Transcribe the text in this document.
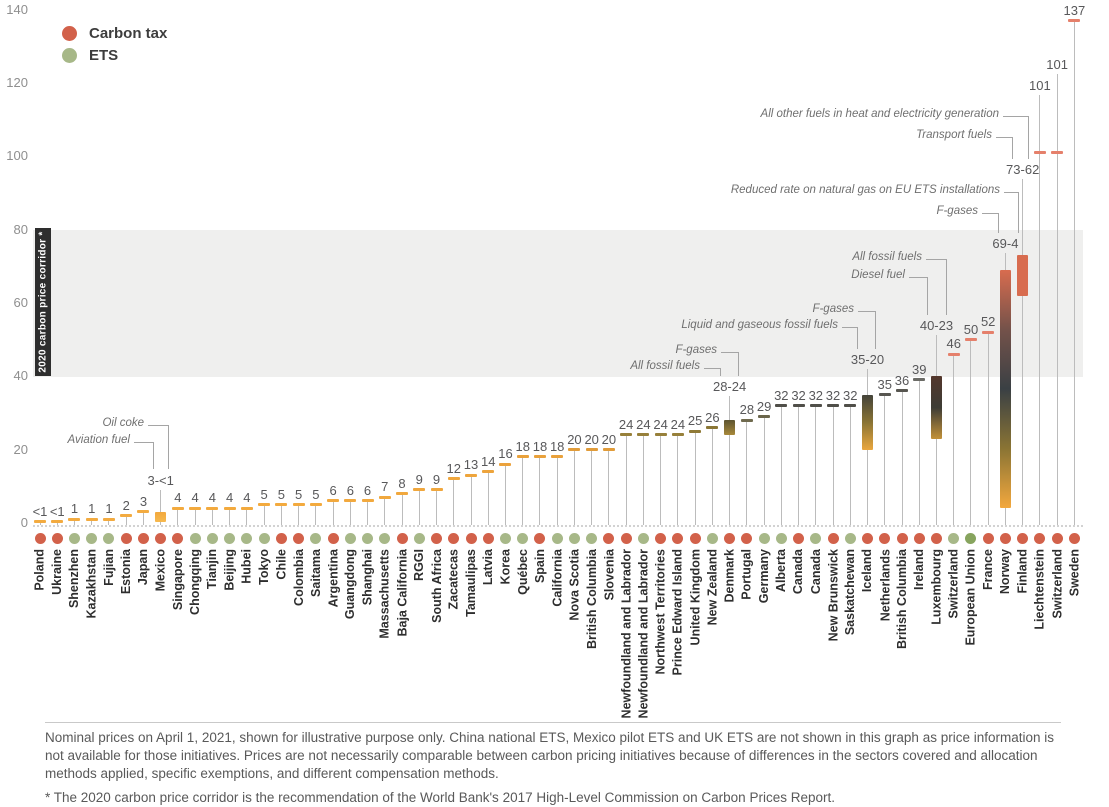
2020 carbon price corridor *
0
20
40
60
80
100
120
140
<1
Poland
<1
Ukraine
1
Shenzhen
1
Kazakhstan
1
Fujian
2
Estonia
3
Japan
3-<1
Mexico
4
Singapore
4
Chongqing
4
Tianjin
4
Beijing
4
Hubei
5
Tokyo
5
Chile
5
Colombia
5
Saitama
6
Argentina
6
Guangdong
6
Shanghai
7
Massachusetts
8
Baja California
9
RGGI
9
South Africa
12
Zacatecas
13
Tamaulipas
14
Latvia
16
Korea
18
Québec
18
Spain
18
California
20
Nova Scotia
20
British Columbia
20
Slovenia
24
Newfoundland and Labrador
24
Newfoundland and Labrador
24
Northwest Territories
24
Prince Edward Island
25
United Kingdom
26
New Zealand
28-24
Denmark
28
Portugal
29
Germany
32
Alberta
32
Canada
32
Canada
32
New Brunswick
32
Saskatchewan
35-20
Iceland
35
Netherlands
36
British Columbia
39
Ireland
40-23
Luxembourg
46
Switzerland
50
European Union
52
France
69-4
Norway
73-62
Finland
101
Liechtenstein
101
Switzerland
137
Sweden
Aviation fuel
Oil coke
All fossil fuels
F-gases
Liquid and gaseous fossil fuels
F-gases
Diesel fuel
All fossil fuels
F-gases
Reduced rate on natural gas on EU ETS installations
Transport fuels
All other fuels in heat and electricity generation
Carbon tax
ETS

Nominal prices on April 1, 2021, shown for illustrative purpose only. China national ETS, Mexico pilot ETS and UK ETS are not shown in this graph as price information is not available for those initiatives. Prices are not necessarily comparable between carbon pricing initiatives because of differences in the sectors covered and allocation methods applied, specific exemptions, and different compensation methods.

* The 2020 carbon price corridor is the recommendation of the World Bank's 2017 High-Level Commission on Carbon Prices Report.
